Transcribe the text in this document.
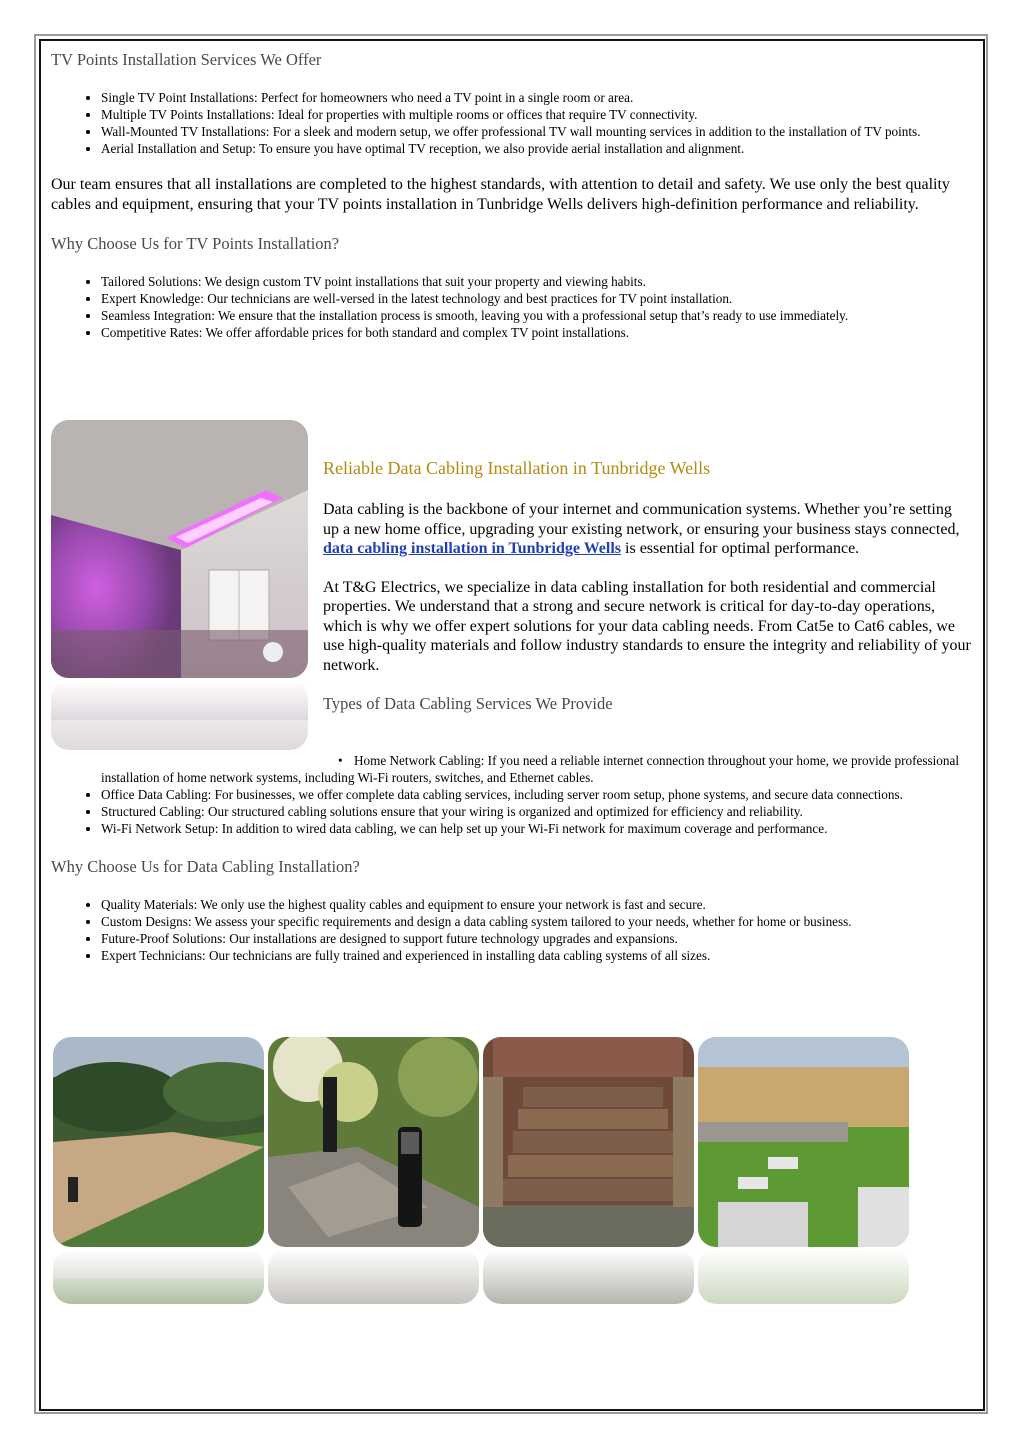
TV Points Installation Services We Offer
• Single TV Point Installations: Perfect for homeowners who need a TV point in a single room or area.
• Multiple TV Points Installations: Ideal for properties with multiple rooms or offices that require TV connectivity.
• Wall-Mounted TV Installations: For a sleek and modern setup, we offer professional TV wall mounting services in addition to the installation of TV points.
• Aerial Installation and Setup: To ensure you have optimal TV reception, we also provide aerial installation and alignment.

Our team ensures that all installations are completed to the highest standards, with attention to detail and safety. We use only the best quality cables and equipment, ensuring that your TV points installation in Tunbridge Wells delivers high-definition performance and reliability.

Why Choose Us for TV Points Installation?
• Tailored Solutions: We design custom TV point installations that suit your property and viewing habits.
• Expert Knowledge: Our technicians are well-versed in the latest technology and best practices for TV point installation.
• Seamless Integration: We ensure that the installation process is smooth, leaving you with a professional setup that’s ready to use immediately.
• Competitive Rates: We offer affordable prices for both standard and complex TV point installations.
Reliable Data Cabling Installation in Tunbridge Wells

Data cabling is the backbone of your internet and communication systems. Whether you’re setting up a new home office, upgrading your existing network, or ensuring your business stays connected, data cabling installation in Tunbridge Wells is essential for optimal performance.

At T&G Electrics, we specialize in data cabling installation for both residential and commercial properties. We understand that a strong and secure network is critical for day-to-day operations, which is why we offer expert solutions for your data cabling needs. From Cat5e to Cat6 cables, we use high-quality materials and follow industry standards to ensure the integrity and reliability of your network.

Types of Data Cabling Services We Provide
• Home Network Cabling: If you need a reliable internet connection throughout your home, we provide professional installation of home network systems, including Wi-Fi routers, switches, and Ethernet cables.
• Office Data Cabling: For businesses, we offer complete data cabling services, including server room setup, phone systems, and secure data connections.
• Structured Cabling: Our structured cabling solutions ensure that your wiring is organized and optimized for efficiency and reliability.
• Wi-Fi Network Setup: In addition to wired data cabling, we can help set up your Wi-Fi network for maximum coverage and performance.
Why Choose Us for Data Cabling Installation?
• Quality Materials: We only use the highest quality cables and equipment to ensure your network is fast and secure.
• Custom Designs: We assess your specific requirements and design a data cabling system tailored to your needs, whether for home or business.
• Future-Proof Solutions: Our installations are designed to support future technology upgrades and expansions.
• Expert Technicians: Our technicians are fully trained and experienced in installing data cabling systems of all sizes.
